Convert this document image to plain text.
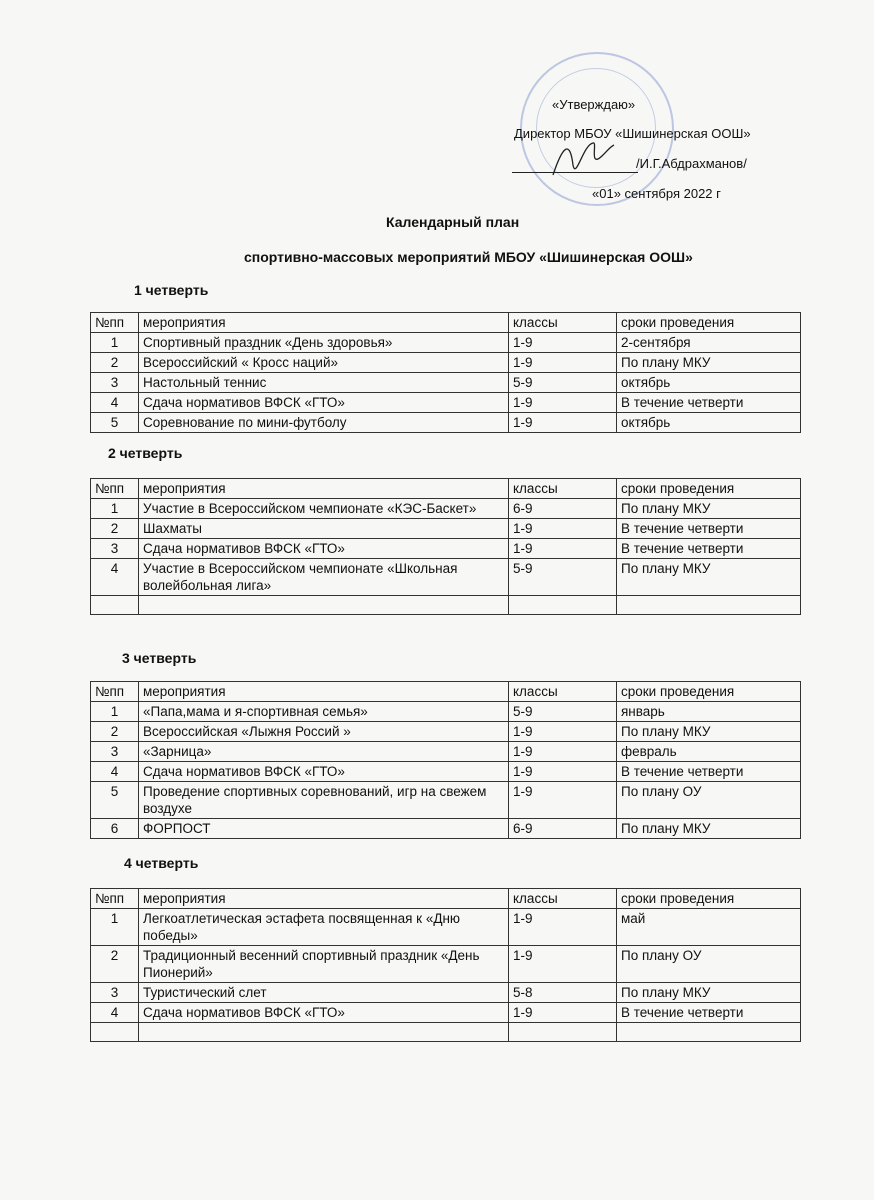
«Утверждаю»
Директор МБОУ «Шишинерская ООШ»
/И.Г.Абдрахманов/
«01» сентября 2022 г
Календарный план
спортивно-массовых мероприятий МБОУ «Шишинерская ООШ»
1 четверть
№пп	мероприятия	классы	сроки проведения
1	Спортивный праздник «День здоровья»	1-9	2-сентября
2	Всероссийский « Кросс наций»	1-9	По плану МКУ
3	Настольный теннис	5-9	октябрь
4	Сдача нормативов ВФСК «ГТО»	1-9	В течение четверти
5	Соревнование по мини-футболу	1-9	октябрь
2 четверть
№пп	мероприятия	классы	сроки проведения
1	Участие в Всероссийском чемпионате «КЭС-Баскет»	6-9	По плану МКУ
2	Шахматы	1-9	В течение четверти
3	Сдача нормативов ВФСК «ГТО»	1-9	В течение четверти
4	Участие в Всероссийском чемпионате «Школьная волейбольная лига»	5-9	По плану МКУ

3 четверть
№пп	мероприятия	классы	сроки проведения
1	«Папа,мама и я-спортивная семья»	5-9	январь
2	Всероссийская «Лыжня Россий »	1-9	По плану МКУ
3	«Зарница»	1-9	февраль
4	Сдача нормативов ВФСК «ГТО»	1-9	В течение четверти
5	Проведение спортивных соревнований, игр на свежем воздухе	1-9	По плану ОУ
6	ФОРПОСТ	6-9	По плану МКУ
4 четверть
№пп	мероприятия	классы	сроки проведения
1	Легкоатлетическая эстафета посвященная к «Дню победы»	1-9	май
2	Традиционный весенний спортивный праздник «День Пионерий»	1-9	По плану ОУ
3	Туристический слет	5-8	По плану МКУ
4	Сдача нормативов ВФСК «ГТО»	1-9	В течение четверти
